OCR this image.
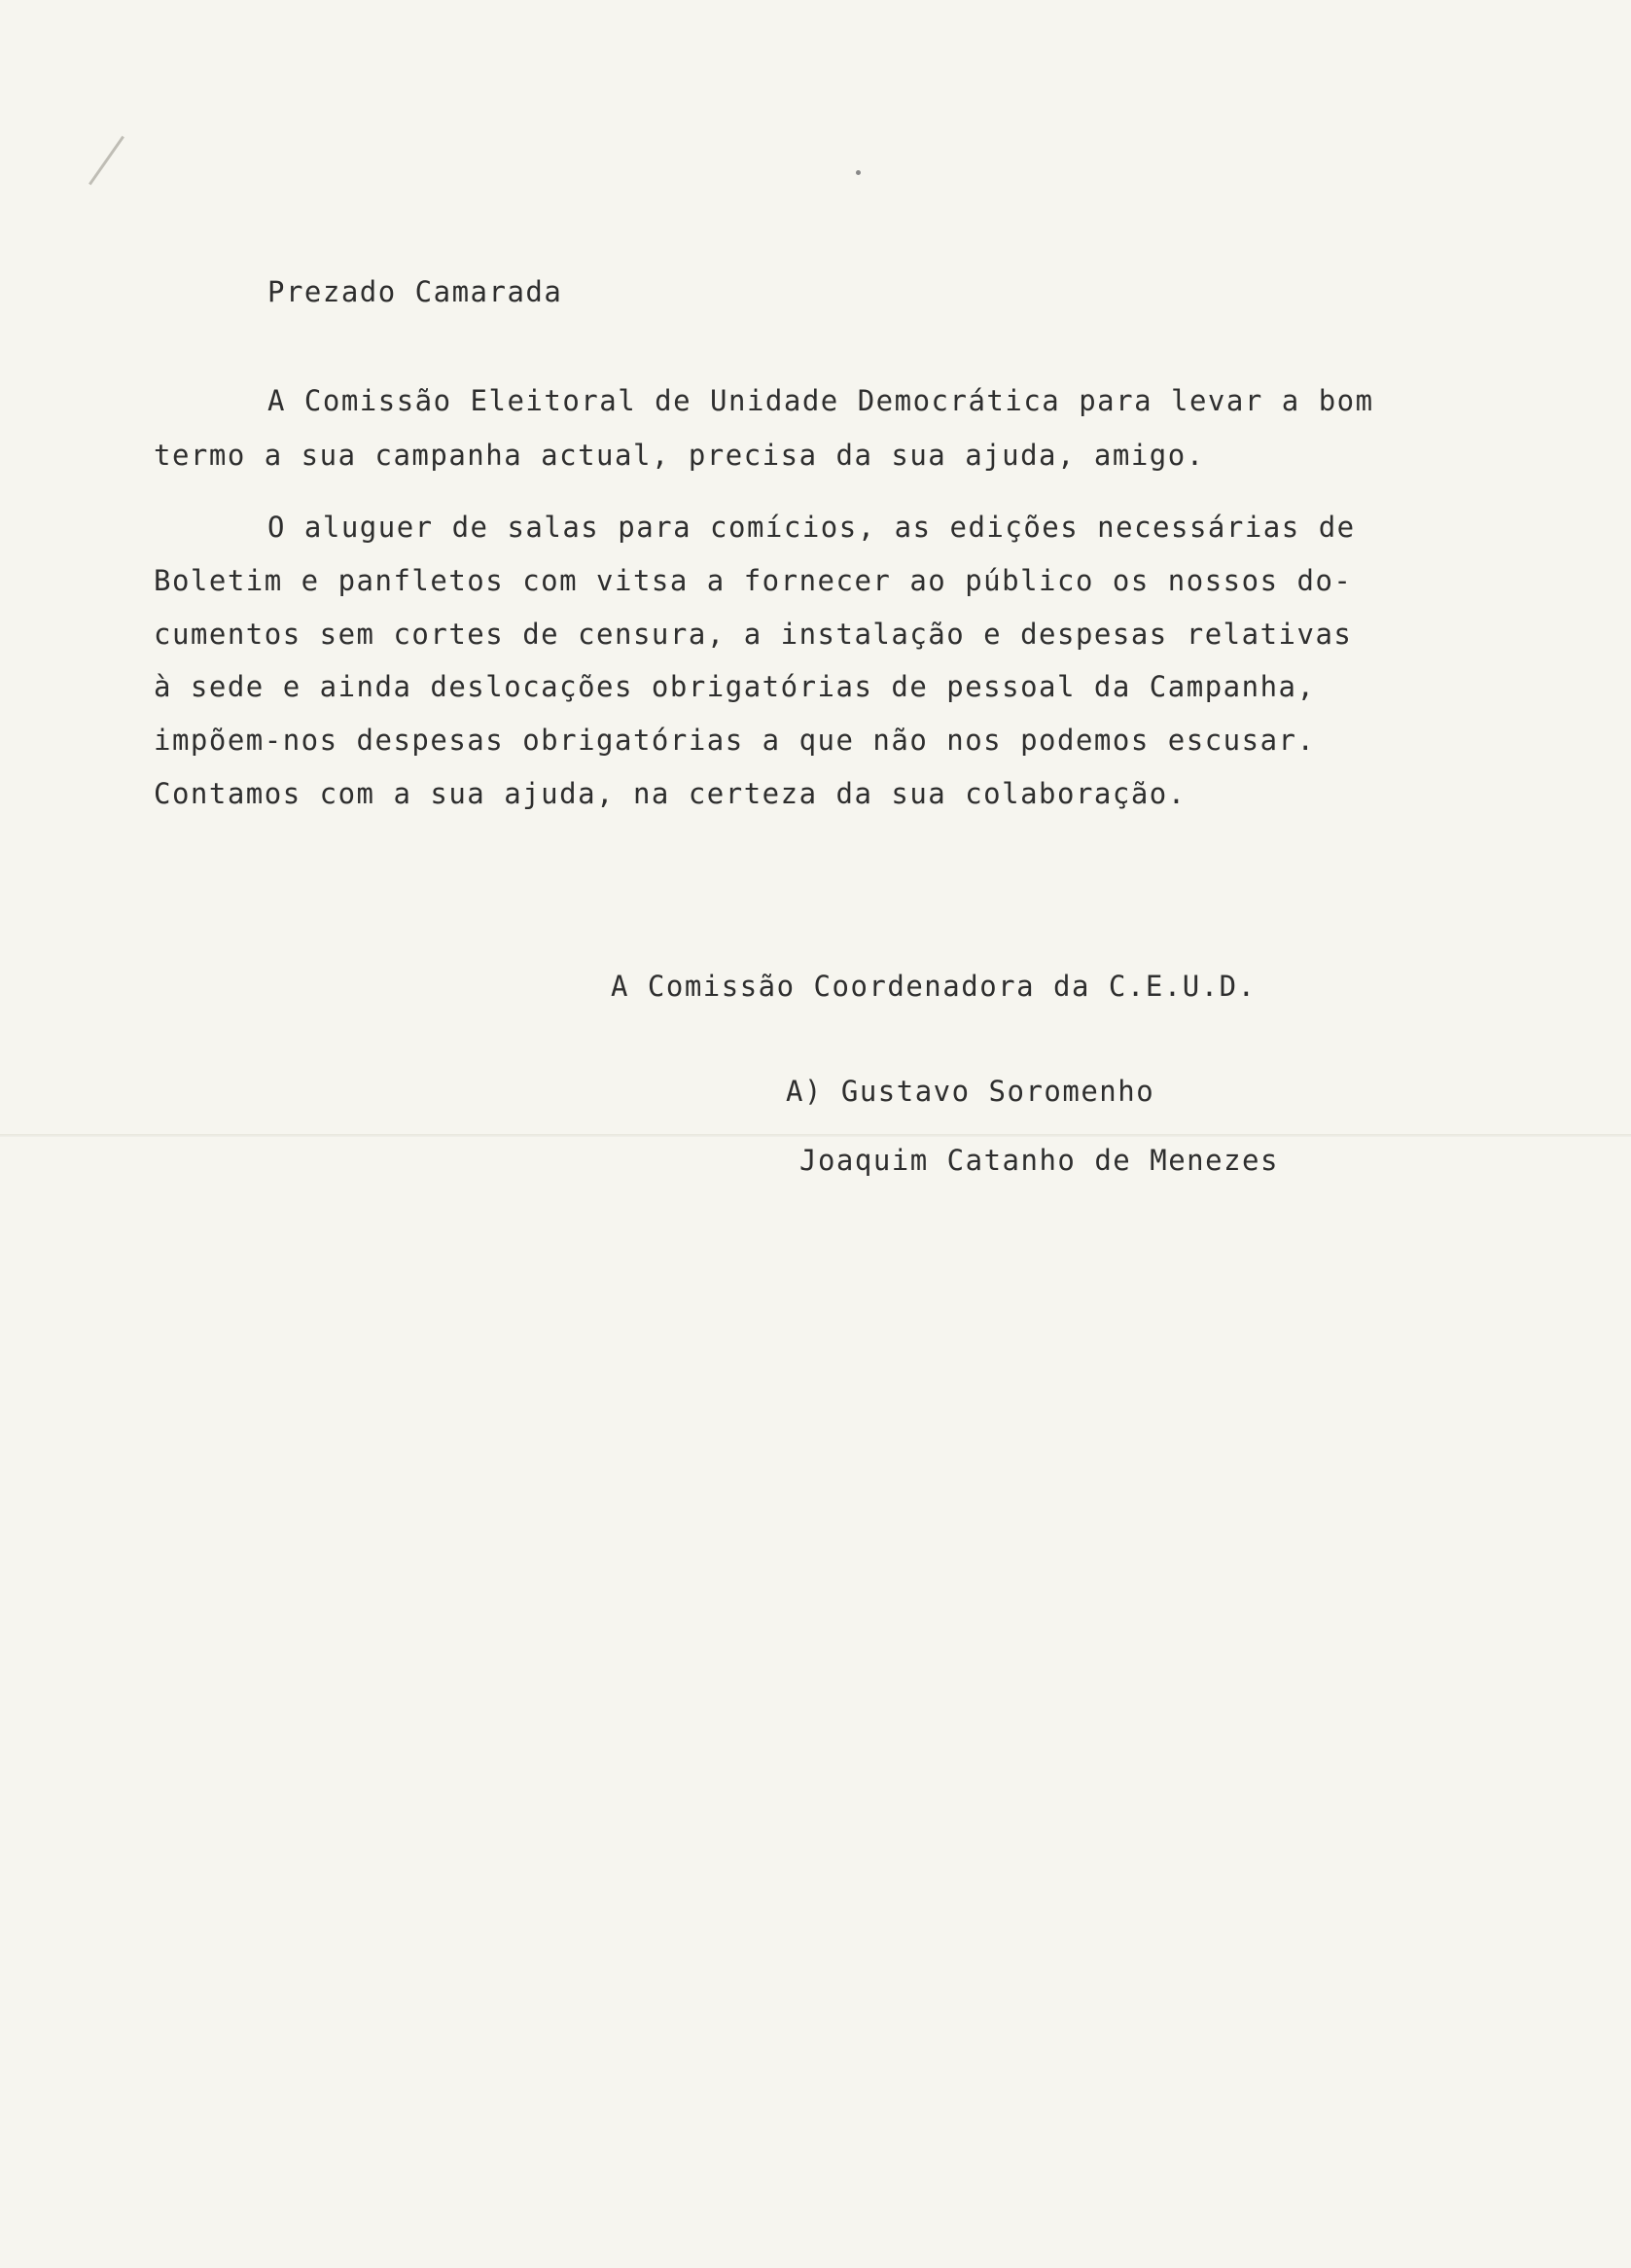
Prezado Camarada
A Comissão Eleitoral de Unidade Democrática para levar a bom
termo a sua campanha actual, precisa da sua ajuda, amigo.
O aluguer de salas para comícios, as edições necessárias de
Boletim e panfletos com vitsa a fornecer ao público os nossos do-
cumentos sem cortes de censura, a instalação e despesas relativas
à sede e ainda deslocações obrigatórias de pessoal da Campanha,
impõem-nos despesas obrigatórias a que não nos podemos escusar.
Contamos com a sua ajuda, na certeza da sua colaboração.
A Comissão Coordenadora da C.E.U.D.
A) Gustavo Soromenho
Joaquim Catanho de Menezes
